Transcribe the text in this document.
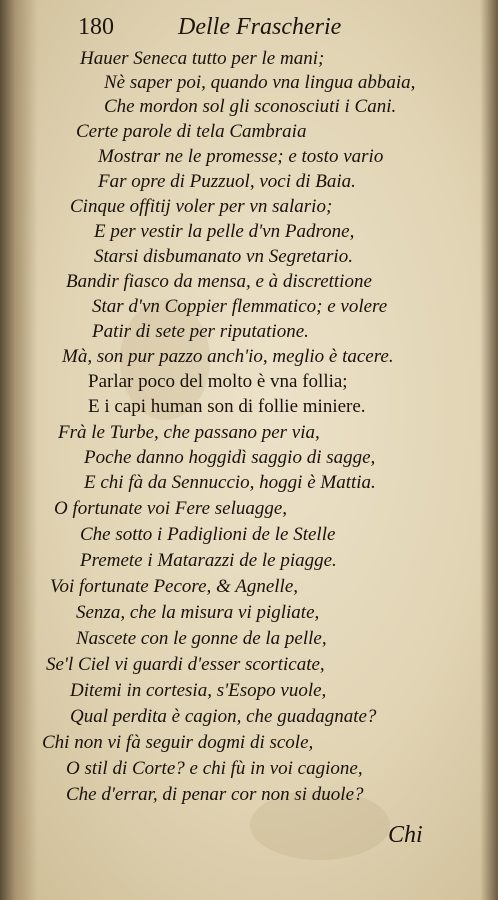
180	Delle Frascherie
Hauer Seneca tutto per le mani;
Nè saper poi, quando vna lingua abbaia,
Che mordon sol gli sconosciuti i Cani.
Certe parole di tela Cambraia
Mostrar ne le promesse; e tosto vario
Far opre di Puzzuol, voci di Baia.
Cinque offitij voler per vn salario;
E per vestir la pelle d'vn Padrone,
Starsi disbumanato vn Segretario.
Bandir fiasco da mensa, e à discrettione
Star d'vn Coppier flemmatico; e volere
Patir di sete per riputatione.
Mà, son pur pazzo anch'io, meglio è tacere.
Parlar poco del molto è vna follia;
E i capi human son di follie miniere.
Frà le Turbe, che passano per via,
Poche danno hoggidì saggio di sagge,
E chi fà da Sennuccio, hoggi è Mattia.
O fortunate voi Fere seluagge,
Che sotto i Padiglioni de le Stelle
Premete i Matarazzi de le piagge.
Voi fortunate Pecore, & Agnelle,
Senza, che la misura vi pigliate,
Nascete con le gonne de la pelle,
Se'l Ciel vi guardi d'esser scorticate,
Ditemi in cortesia, s'Esopo vuole,
Qual perdita è cagion, che guadagnate?
Chi non vi fà seguir dogmi di scole,
O stil di Corte? e chi fù in voi cagione,
Che d'errar, di penar cor non si duole?
Chi
